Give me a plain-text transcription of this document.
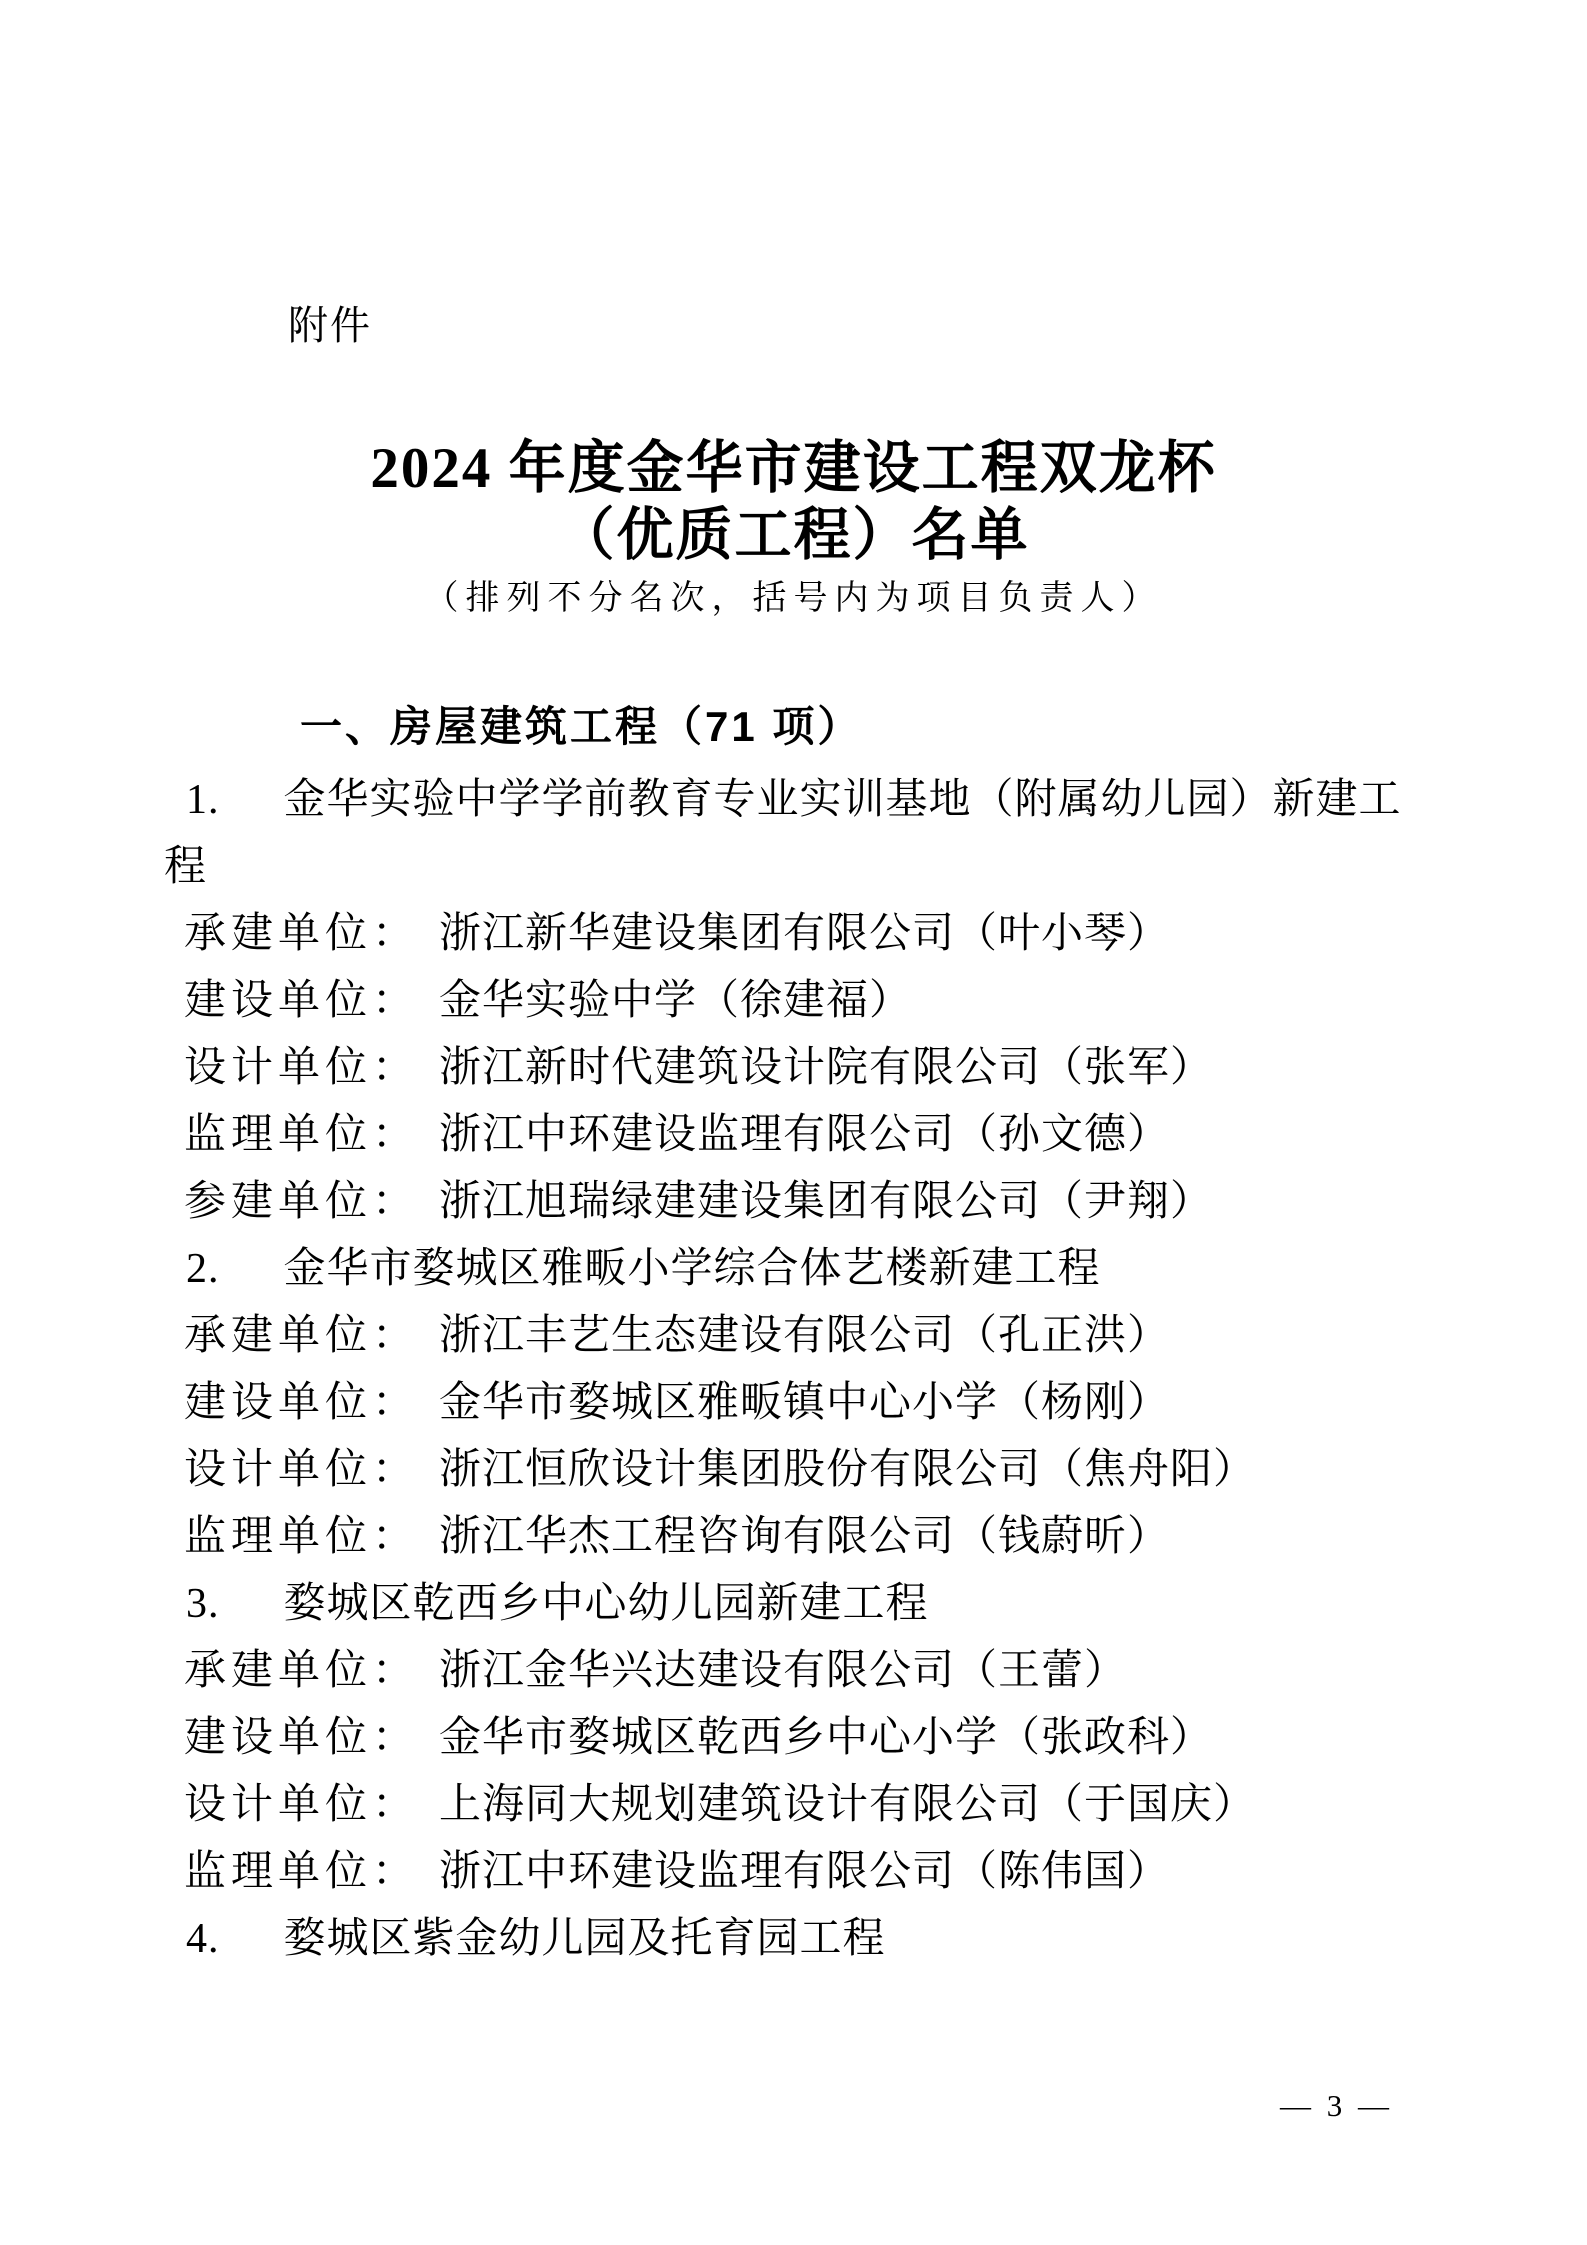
附件
2024 年度金华市建设工程双龙杯
（优质工程）名单
（排列不分名次，括号内为项目负责人）
一、房屋建筑工程（71 项）
1. 金华实验中学学前教育专业实训基地（附属幼儿园）新建工
程
承建单位： 浙江新华建设集团有限公司（叶小琴）
建设单位： 金华实验中学（徐建福）
设计单位： 浙江新时代建筑设计院有限公司（张军）
监理单位： 浙江中环建设监理有限公司（孙文德）
参建单位： 浙江旭瑞绿建建设集团有限公司（尹翔）
2. 金华市婺城区雅畈小学综合体艺楼新建工程
承建单位： 浙江丰艺生态建设有限公司（孔正洪）
建设单位： 金华市婺城区雅畈镇中心小学（杨刚）
设计单位： 浙江恒欣设计集团股份有限公司（焦舟阳）
监理单位： 浙江华杰工程咨询有限公司（钱蔚昕）
3. 婺城区乾西乡中心幼儿园新建工程
承建单位： 浙江金华兴达建设有限公司（王蕾）
建设单位： 金华市婺城区乾西乡中心小学（张政科）
设计单位： 上海同大规划建筑设计有限公司（于国庆）
监理单位： 浙江中环建设监理有限公司（陈伟国）
4. 婺城区紫金幼儿园及托育园工程
— 3 —
